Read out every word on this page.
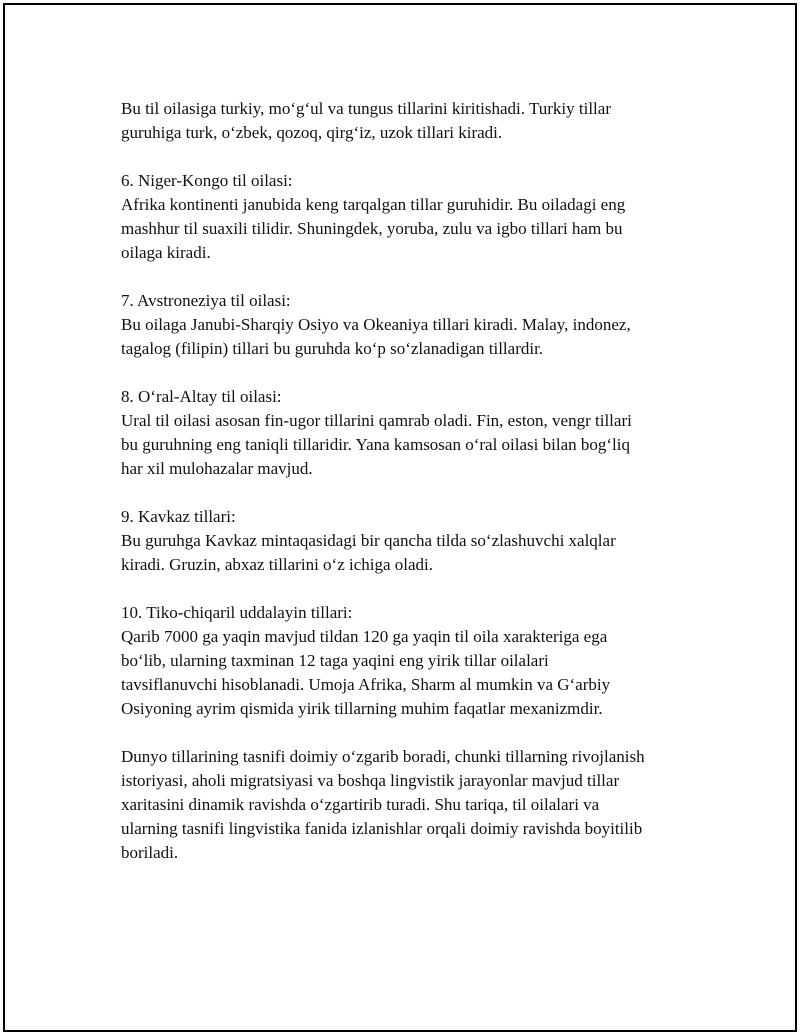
Bu til oilasiga turkiy, mo‘g‘ul va tungus tillarini kiritishadi. Turkiy tillar
guruhiga turk, o‘zbek, qozoq, qirg‘iz, uzok tillari kiradi.

6. Niger-Kongo til oilasi:
Afrika kontinenti janubida keng tarqalgan tillar guruhidir. Bu oiladagi eng
mashhur til suaxili tilidir. Shuningdek, yoruba, zulu va igbo tillari ham bu
oilaga kiradi.

7. Avstroneziya til oilasi:
Bu oilaga Janubi-Sharqiy Osiyo va Okeaniya tillari kiradi. Malay, indonez,
tagalog (filipin) tillari bu guruhda ko‘p so‘zlanadigan tillardir.

8. O‘ral-Altay til oilasi:
Ural til oilasi asosan fin-ugor tillarini qamrab oladi. Fin, eston, vengr tillari
bu guruhning eng taniqli tillaridir. Yana kamsosan o‘ral oilasi bilan bog‘liq
har xil mulohazalar mavjud.

9. Kavkaz tillari:
Bu guruhga Kavkaz mintaqasidagi bir qancha tilda so‘zlashuvchi xalqlar
kiradi. Gruzin, abxaz tillarini o‘z ichiga oladi.

10. Tiko-chiqaril uddalayin tillari:
Qarib 7000 ga yaqin mavjud tildan 120 ga yaqin til oila xarakteriga ega
bo‘lib, ularning taxminan 12 taga yaqini eng yirik tillar oilalari
tavsiflanuvchi hisoblanadi. Umoja Afrika, Sharm al mumkin va G‘arbiy
Osiyoning ayrim qismida yirik tillarning muhim faqatlar mexanizmdir.

Dunyo tillarining tasnifi doimiy o‘zgarib boradi, chunki tillarning rivojlanish
istoriyasi, aholi migratsiyasi va boshqa lingvistik jarayonlar mavjud tillar
xaritasini dinamik ravishda o‘zgartirib turadi. Shu tariqa, til oilalari va
ularning tasnifi lingvistika fanida izlanishlar orqali doimiy ravishda boyitilib
boriladi.
